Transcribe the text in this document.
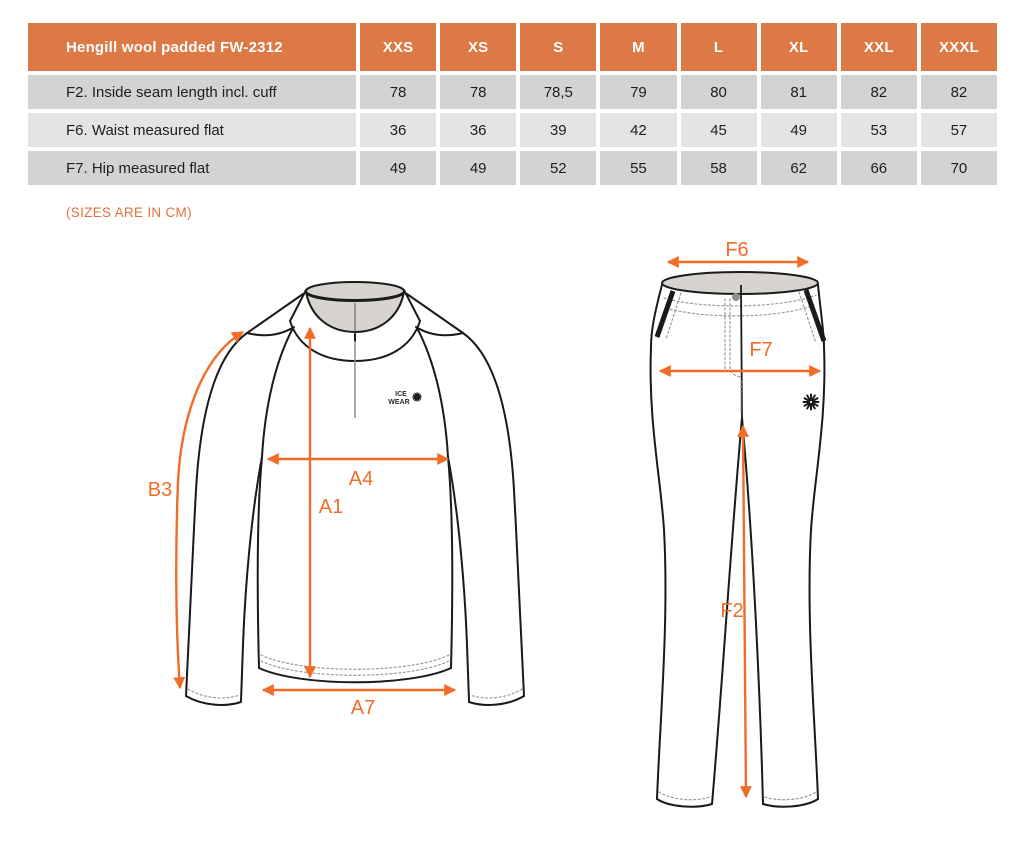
Hengill wool padded FW-2312	XXS	XS	S	M	L	XL	XXL	XXXL
F2. Inside seam length incl. cuff	78	78	78,5	79	80	81	82	82
F6. Waist measured flat	36	36	39	42	45	49	53	57
F7. Hip measured flat	49	49	52	55	58	62	66	70
(SIZES ARE IN CM)
ICE
WEAR
B3
A1
A4
A7
F6
F7
F2
